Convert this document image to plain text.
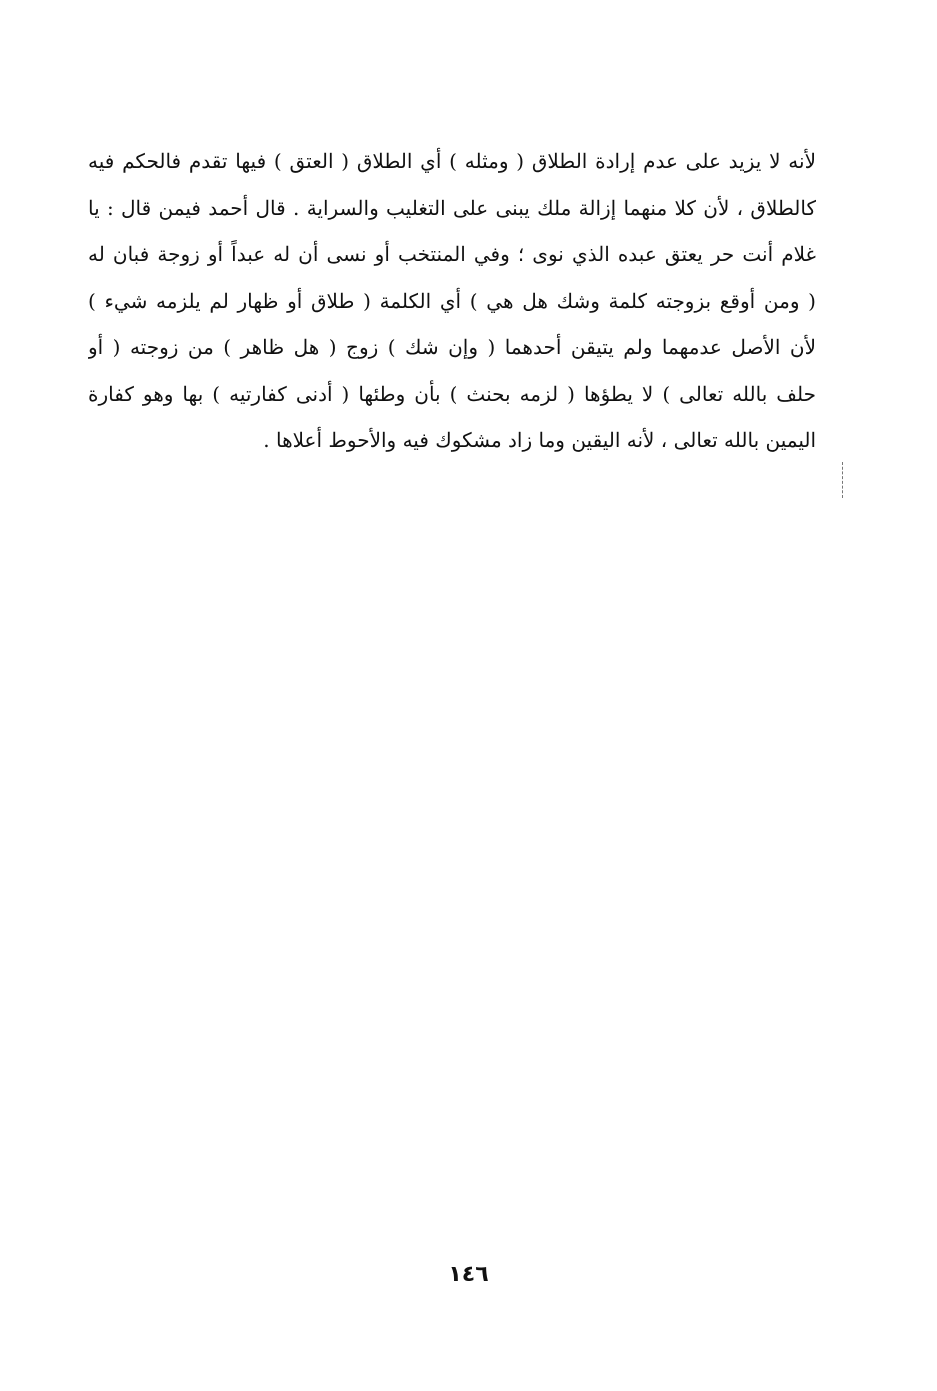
لأنه لا يزيد على عدم إرادة الطلاق ( ومثله ) أي الطلاق ( العتق ) فيها تقدم فالحكم فيه
كالطلاق ، لأن كلا منهما إزالة ملك يبنى على التغليب والسراية . قال أحمد فيمن قال : يا
غلام أنت حر يعتق عبده الذي نوى ؛ وفي المنتخب أو نسى أن له عبداً أو زوجة فبان له
( ومن أوقع بزوجته كلمة وشك هل هي ) أي الكلمة ( طلاق أو ظهار لم يلزمه شيء )
لأن الأصل عدمهما ولم يتيقن أحدهما ( وإن شك ) زوج ( هل ظاهر ) من زوجته ( أو
حلف بالله تعالى ) لا يطؤها ( لزمه بحنث ) بأن وطئها ( أدنى كفارتيه ) بها وهو كفارة
اليمين بالله تعالى ، لأنه اليقين وما زاد مشكوك فيه والأحوط أعلاها .
١٤٦
